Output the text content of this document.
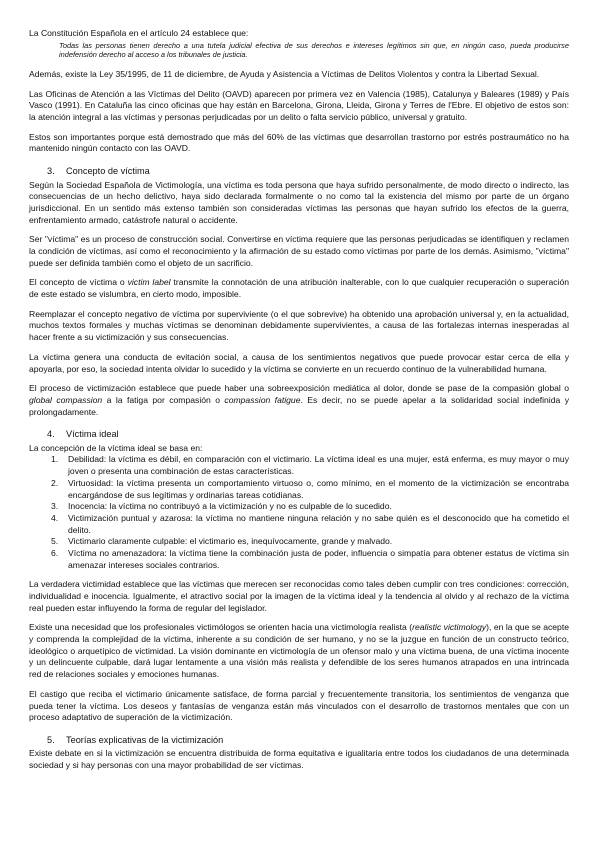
La Constitución Española en el artículo 24 establece que:

Todas las personas tienen derecho a una tutela judicial efectiva de sus derechos e intereses legítimos sin que, en ningún caso, pueda producirse indefensión derecho al acceso a los tribunales de justicia.

Además, existe la Ley 35/1995, de 11 de diciembre, de Ayuda y Asistencia a Víctimas de Delitos Violentos y contra la Libertad Sexual.

Las Oficinas de Atención a las Víctimas del Delito (OAVD) aparecen por primera vez en Valencia (1985), Catalunya y Baleares (1989) y País Vasco (1991). En Cataluña las cinco oficinas que hay están en Barcelona, Girona, Lleida, Girona y Terres de l'Ebre. El objetivo de estos son: la atención integral a las víctimas y personas perjudicadas por un delito o falta servicio público, universal y gratuito.

Estos son importantes porque está demostrado que más del 60% de las víctimas que desarrollan trastorno por estrés postraumático no ha mantenido ningún contacto con las OAVD.

3. Concepto de víctima

Según la Sociedad Española de Victimología, una víctima es toda persona que haya sufrido personalmente, de modo directo o indirecto, las consecuencias de un hecho delictivo, haya sido declarada formalmente o no como tal la existencia del mismo por parte de un órgano jurisdiccional. En un sentido más extenso también son consideradas víctimas las personas que hayan sufrido los efectos de la guerra, enfrentamiento armado, catástrofe natural o accidente.

Ser "víctima" es un proceso de construcción social. Convertirse en víctima requiere que las personas perjudicadas se identifiquen y reclamen la condición de víctimas, así como el reconocimiento y la afirmación de su estado como víctimas por parte de los demás. Asimismo, "víctima" puede ser definida también como el objeto de un sacrificio.

El concepto de víctima o victim label transmite la connotación de una atribución inalterable, con lo que cualquier recuperación o superación de este estado se vislumbra, en cierto modo, imposible.

Reemplazar el concepto negativo de víctima por superviviente (o el que sobrevive) ha obtenido una aprobación universal y, en la actualidad, muchos textos formales y muchas víctimas se denominan debidamente supervivientes, a causa de las fortalezas internas inesperadas al hacer frente a su victimización y sus consecuencias.

La víctima genera una conducta de evitación social, a causa de los sentimientos negativos que puede provocar estar cerca de ella y apoyarla, por eso, la sociedad intenta olvidar lo sucedido y la víctima se convierte en un recuerdo continuo de la vulnerabilidad humana.

El proceso de victimización establece que puede haber una sobreexposición mediática al dolor, donde se pase de la compasión global o global compassion a la fatiga por compasión o compassion fatigue. Es decir, no se puede apelar a la solidaridad social indefinida y prolongadamente.

4. Víctima ideal

La concepción de la víctima ideal se basa en:

1.	Debilidad: la víctima es débil, en comparación con el victimario. La víctima ideal es una mujer, está enferma, es muy mayor o muy joven o presenta una combinación de estas características.
2.	Virtuosidad: la víctima presenta un comportamiento virtuoso o, como mínimo, en el momento de la victimización se encontraba encargándose de sus legítimas y ordinarias tareas cotidianas.
3.	Inocencia: la víctima no contribuyó a la victimización y no es culpable de lo sucedido.
4.	Victimización puntual y azarosa: la víctima no mantiene ninguna relación y no sabe quién es el desconocido que ha cometido el delito.
5.	Victimario claramente culpable: el victimario es, inequívocamente, grande y malvado.
6.	Víctima no amenazadora: la víctima tiene la combinación justa de poder, influencia o simpatía para obtener estatus de víctima sin amenazar intereses sociales contrarios.

La verdadera victimidad establece que las víctimas que merecen ser reconocidas como tales deben cumplir con tres condiciones: corrección, individualidad e inocencia. Igualmente, el atractivo social por la imagen de la víctima ideal y la tendencia al olvido y al rechazo de la víctima real pueden estar influyendo la forma de regular del legislador.

Existe una necesidad que los profesionales victimólogos se orienten hacia una victimología realista (realistic victimology), en la que se acepte y comprenda la complejidad de la víctima, inherente a su condición de ser humano, y no se la juzgue en función de un constructo teórico, ideológico o arquetípico de victimidad. La visión dominante en victimología de un ofensor malo y una víctima buena, de una víctima inocente y un delincuente culpable, dará lugar lentamente a una visión más realista y defendible de los seres humanos atrapados en una intrincada red de relaciones sociales y emociones humanas.

El castigo que reciba el victimario únicamente satisface, de forma parcial y frecuentemente transitoria, los sentimientos de venganza que pueda tener la víctima. Los deseos y fantasías de venganza están más vinculados con el desarrollo de trastornos mentales que con un proceso adaptativo de superación de la victimización.

5. Teorías explicativas de la victimización

Existe debate en si la victimización se encuentra distribuida de forma equitativa e igualitaria entre todos los ciudadanos de una determinada sociedad y si hay personas con una mayor probabilidad de ser víctimas.
